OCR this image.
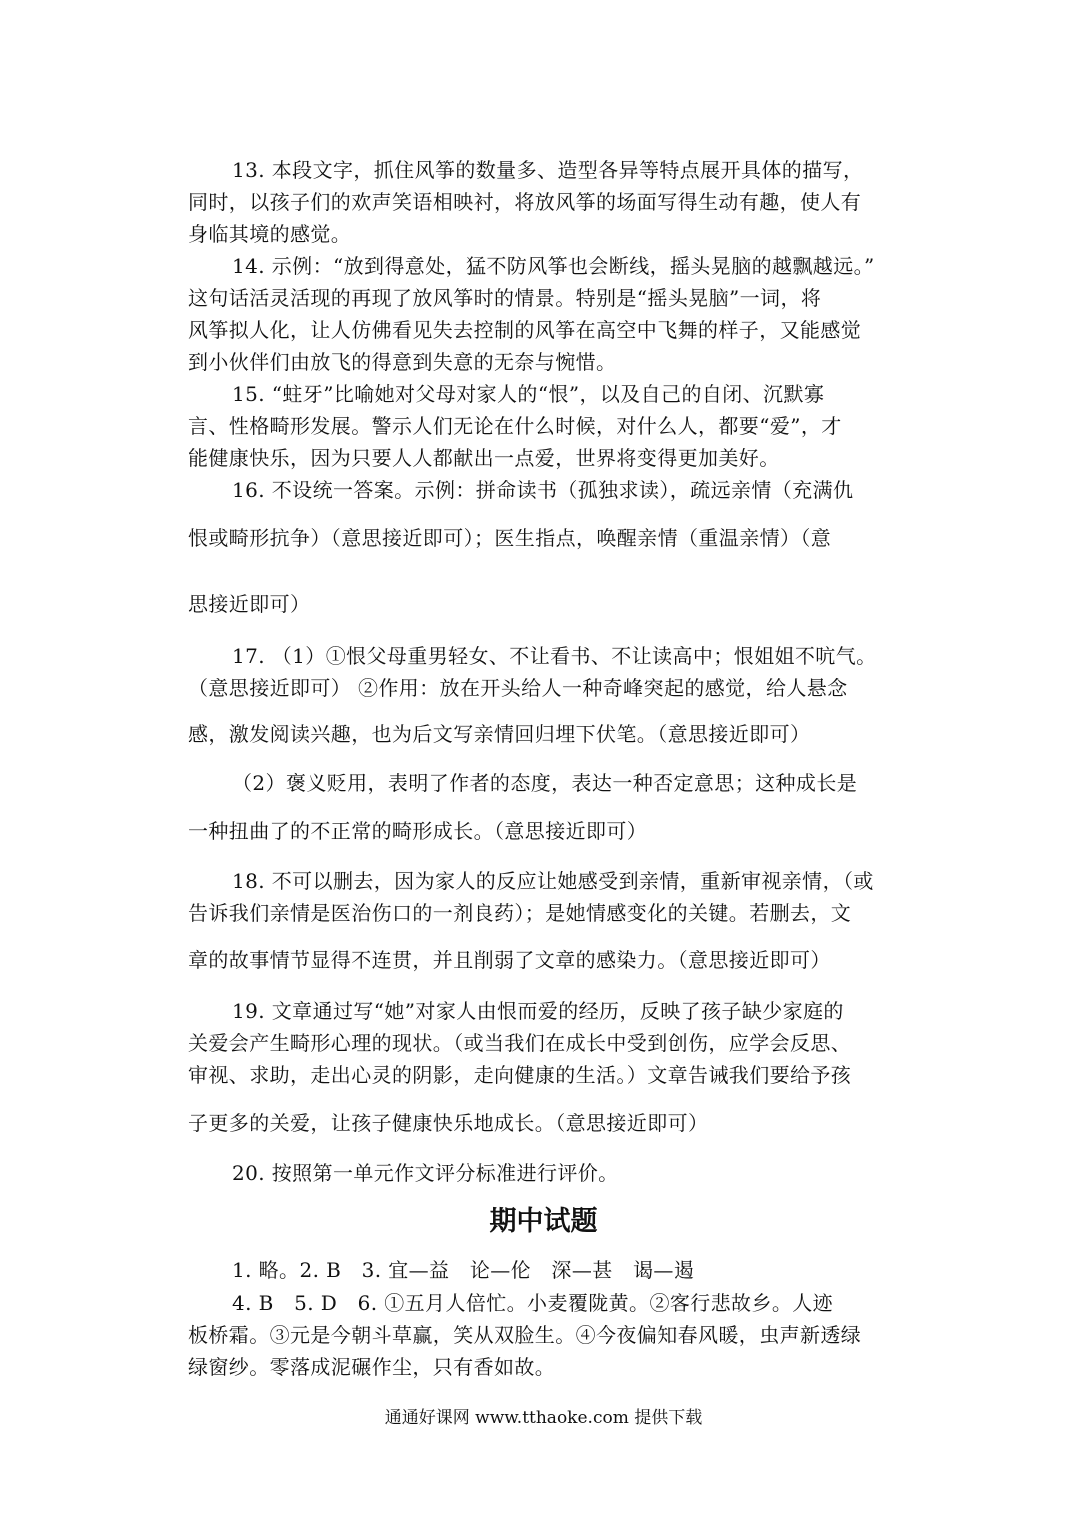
13. 本段文字，抓住风筝的数量多、造型各异等特点展开具体的描写，
同时，以孩子们的欢声笑语相映衬，将放风筝的场面写得生动有趣，使人有
身临其境的感觉。
14. 示例：“放到得意处，猛不防风筝也会断线，摇头晃脑的越飘越远。”
这句话活灵活现的再现了放风筝时的情景。特别是“摇头晃脑”一词，将
风筝拟人化，让人仿佛看见失去控制的风筝在高空中飞舞的样子，又能感觉
到小伙伴们由放飞的得意到失意的无奈与惋惜。
15. “蛀牙”比喻她对父母对家人的“恨”，以及自己的自闭、沉默寡
言、性格畸形发展。警示人们无论在什么时候，对什么人，都要“爱”，才
能健康快乐，因为只要人人都献出一点爱，世界将变得更加美好。
16. 不设统一答案。示例：拼命读书（孤独求读），疏远亲情（充满仇
恨或畸形抗争）（意思接近即可）；医生指点，唤醒亲情（重温亲情）（意
思接近即可）
17. （1）①恨父母重男轻女、不让看书、不让读高中；恨姐姐不吭气。
（意思接近即可） ②作用：放在开头给人一种奇峰突起的感觉，给人悬念
感，激发阅读兴趣，也为后文写亲情回归埋下伏笔。（意思接近即可）
（2）褒义贬用，表明了作者的态度，表达一种否定意思；这种成长是
一种扭曲了的不正常的畸形成长。（意思接近即可）
18. 不可以删去，因为家人的反应让她感受到亲情，重新审视亲情，（或
告诉我们亲情是医治伤口的一剂良药）；是她情感变化的关键。若删去，文
章的故事情节显得不连贯，并且削弱了文章的感染力。（意思接近即可）
19. 文章通过写“她”对家人由恨而爱的经历，反映了孩子缺少家庭的
关爱会产生畸形心理的现状。（或当我们在成长中受到创伤，应学会反思、
审视、求助，走出心灵的阴影，走向健康的生活。）文章告诫我们要给予孩
子更多的关爱，让孩子健康快乐地成长。（意思接近即可）
20. 按照第一单元作文评分标准进行评价。
期中试题
1. 略。2. B　3. 宜—益　论—伦　深—甚　谒—遏
4. B　5. D　6. ①五月人倍忙。小麦覆陇黄。②客行悲故乡。人迹
板桥霜。③元是今朝斗草赢，笑从双脸生。④今夜偏知春风暖，虫声新透绿
绿窗纱。零落成泥碾作尘，只有香如故。
通通好课网 www.tthaoke.com 提供下载
